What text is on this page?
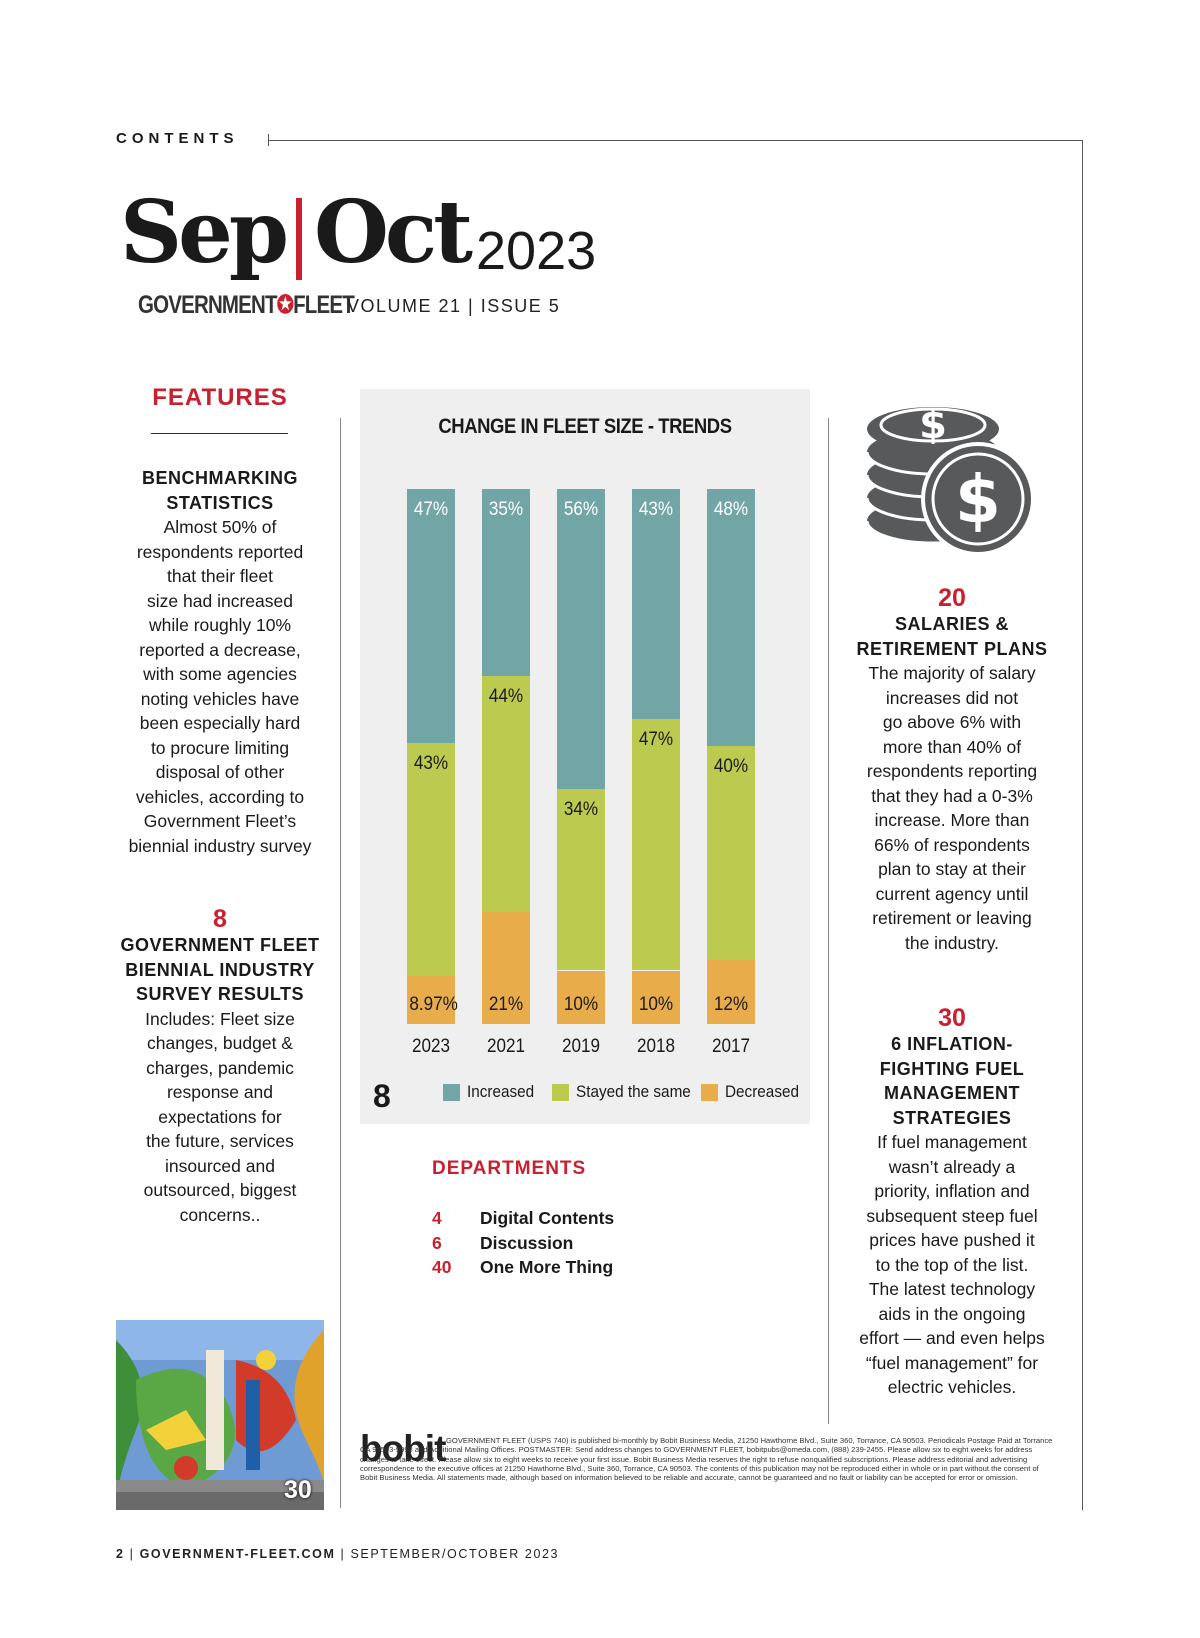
CONTENTS
Sep Oct 2023
GOVERNMENT✪FLEET
VOLUME 21 | ISSUE 5
FEATURES
BENCHMARKING
STATISTICS
Almost 50% of
respondents reported
that their fleet
size had increased
while roughly 10%
reported a decrease,
with some agencies
noting vehicles have
been especially hard
to procure limiting
disposal of other
vehicles, according to
Government Fleet’s
biennial industry survey
8
GOVERNMENT FLEET
BIENNIAL INDUSTRY
SURVEY RESULTS
Includes: Fleet size
changes, budget &
charges, pandemic
response and
expectations for
the future, services
insourced and
outsourced, biggest
concerns..
CHANGE IN FLEET SIZE - TRENDS
8
$
$
20
SALARIES &
RETIREMENT PLANS
The majority of salary
increases did not
go above 6% with
more than 40% of
respondents reporting
that they had a 0-3%
increase. More than
66% of respondents
plan to stay at their
current agency until
retirement or leaving
the industry.
30
6 INFLATION-
FIGHTING FUEL
MANAGEMENT
STRATEGIES
If fuel management
wasn’t already a
priority, inflation and
subsequent steep fuel
prices have pushed it
to the top of the list.
The latest technology
aids in the ongoing
effort — and even helps
“fuel management” for
electric vehicles.
DEPARTMENTS
4 Digital Contents
6 Discussion
40 One More Thing
30
bobit GOVERNMENT FLEET (USPS 740) is published bi-monthly by Bobit Business Media, 21250 Hawthorne Blvd., Suite 360, Torrance, CA 90503. Periodicals Postage Paid at Torrance CA 90503-9998 and Additional Mailing Offices. POSTMASTER: Send address changes to GOVERNMENT FLEET, bobitpubs@omeda.com, (888) 239-2455. Please allow six to eight weeks for address changes to take effect. Please allow six to eight weeks to receive your first issue. Bobit Business Media reserves the right to refuse nonqualified subscriptions. Please address editorial and advertising correspondence to the executive offices at 21250 Hawthorne Blvd., Suite 360, Torrance, CA 90503. The contents of this publication may not be reproduced either in whole or in part without the consent of Bobit Business Media. All statements made, although based on information believed to be reliable and accurate, cannot be guaranteed and no fault or liability can be accepted for error or omission.
2 | GOVERNMENT-FLEET.COM | SEPTEMBER/OCTOBER 2023
8.97%
43%
47%
2023
21%
44%
35%
2021
10%
34%
56%
2019
10%
47%
43%
2018
12%
40%
48%
2017
Increased Stayed the same Decreased
